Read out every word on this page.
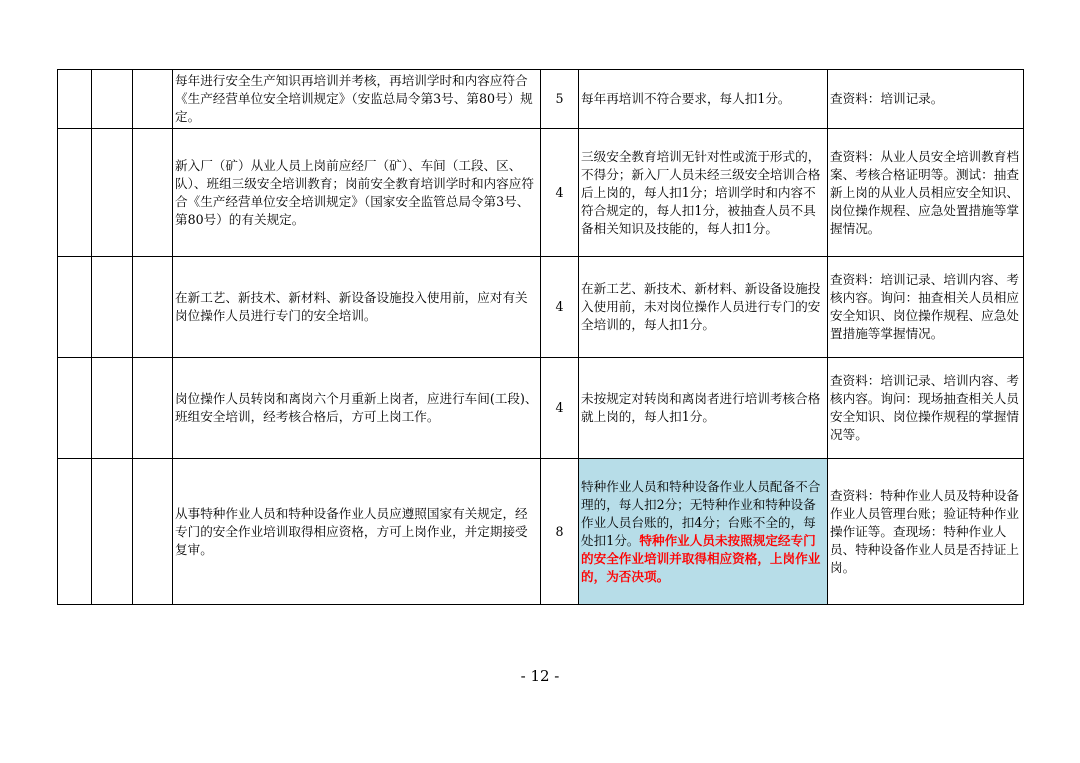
			每年进行安全生产知识再培训并考核，再培训学时和内容应符合《生产经营单位安全培训规定》（安监总局令第3号、第80号）规定。	5	每年再培训不符合要求，每人扣1分。	查资料：培训记录。
			新入厂（矿）从业人员上岗前应经厂（矿）、车间（工段、区、队）、班组三级安全培训教育；岗前安全教育培训学时和内容应符合《生产经营单位安全培训规定》（国家安全监管总局令第3号、第80号）的有关规定。	4	三级安全教育培训无针对性或流于形式的，不得分；新入厂人员未经三级安全培训合格后上岗的，每人扣1分；培训学时和内容不符合规定的，每人扣1分，被抽查人员不具备相关知识及技能的，每人扣1分。	查资料：从业人员安全培训教育档案、考核合格证明等。测试：抽查新上岗的从业人员相应安全知识、岗位操作规程、应急处置措施等掌握情况。
			在新工艺、新技术、新材料、新设备设施投入使用前，应对有关岗位操作人员进行专门的安全培训。	4	在新工艺、新技术、新材料、新设备设施投入使用前，未对岗位操作人员进行专门的安全培训的，每人扣1分。	查资料：培训记录、培训内容、考核内容。询问：抽查相关人员相应安全知识、岗位操作规程、应急处置措施等掌握情况。
			岗位操作人员转岗和离岗六个月重新上岗者，应进行车间(工段)、班组安全培训，经考核合格后，方可上岗工作。	4	未按规定对转岗和离岗者进行培训考核合格就上岗的，每人扣1分。	查资料：培训记录、培训内容、考核内容。询问：现场抽查相关人员安全知识、岗位操作规程的掌握情况等。
			从事特种作业人员和特种设备作业人员应遵照国家有关规定，经专门的安全作业培训取得相应资格，方可上岗作业，并定期接受复审。	8	特种作业人员和特种设备作业人员配备不合理的，每人扣2分；无特种作业和特种设备作业人员台账的，扣4分；台账不全的，每处扣1分。特种作业人员未按照规定经专门的安全作业培训并取得相应资格，上岗作业的，为否决项。	查资料：特种作业人员及特种设备作业人员管理台账；验证特种作业操作证等。查现场：特种作业人员、特种设备作业人员是否持证上岗。
- 12 -
